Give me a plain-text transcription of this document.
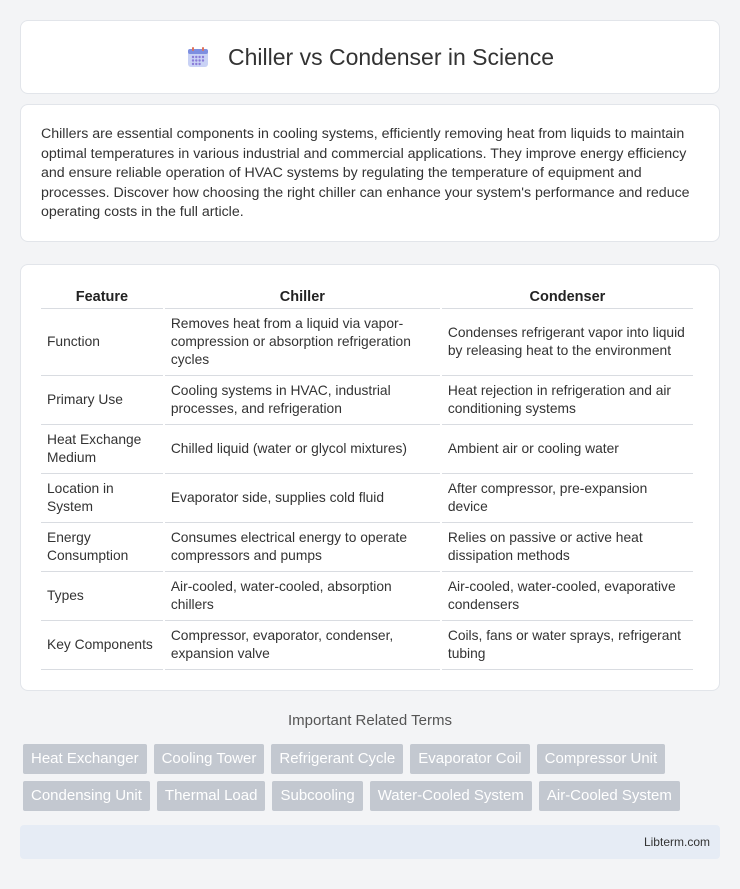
Chiller vs Condenser in Science

Chillers are essential components in cooling systems, efficiently removing heat from liquids to maintain optimal temperatures in various industrial and commercial applications. They improve energy efficiency and ensure reliable operation of HVAC systems by regulating the temperature of equipment and processes. Discover how choosing the right chiller can enhance your system's performance and reduce operating costs in the full article.

Feature	Chiller	Condenser
Function	Removes heat from a liquid via vapor-compression or absorption refrigeration cycles	Condenses refrigerant vapor into liquid by releasing heat to the environment
Primary Use	Cooling systems in HVAC, industrial processes, and refrigeration	Heat rejection in refrigeration and air conditioning systems
Heat Exchange Medium	Chilled liquid (water or glycol mixtures)	Ambient air or cooling water
Location in System	Evaporator side, supplies cold fluid	After compressor, pre-expansion device
Energy Consumption	Consumes electrical energy to operate compressors and pumps	Relies on passive or active heat dissipation methods
Types	Air-cooled, water-cooled, absorption chillers	Air-cooled, water-cooled, evaporative condensers
Key Components	Compressor, evaporator, condenser, expansion valve	Coils, fans or water sprays, refrigerant tubing
Important Related Terms
Heat Exchanger	Cooling Tower	Refrigerant Cycle	Evaporator Coil	Compressor Unit
Condensing Unit	Thermal Load	Subcooling	Water-Cooled System	Air-Cooled System
Libterm.com
